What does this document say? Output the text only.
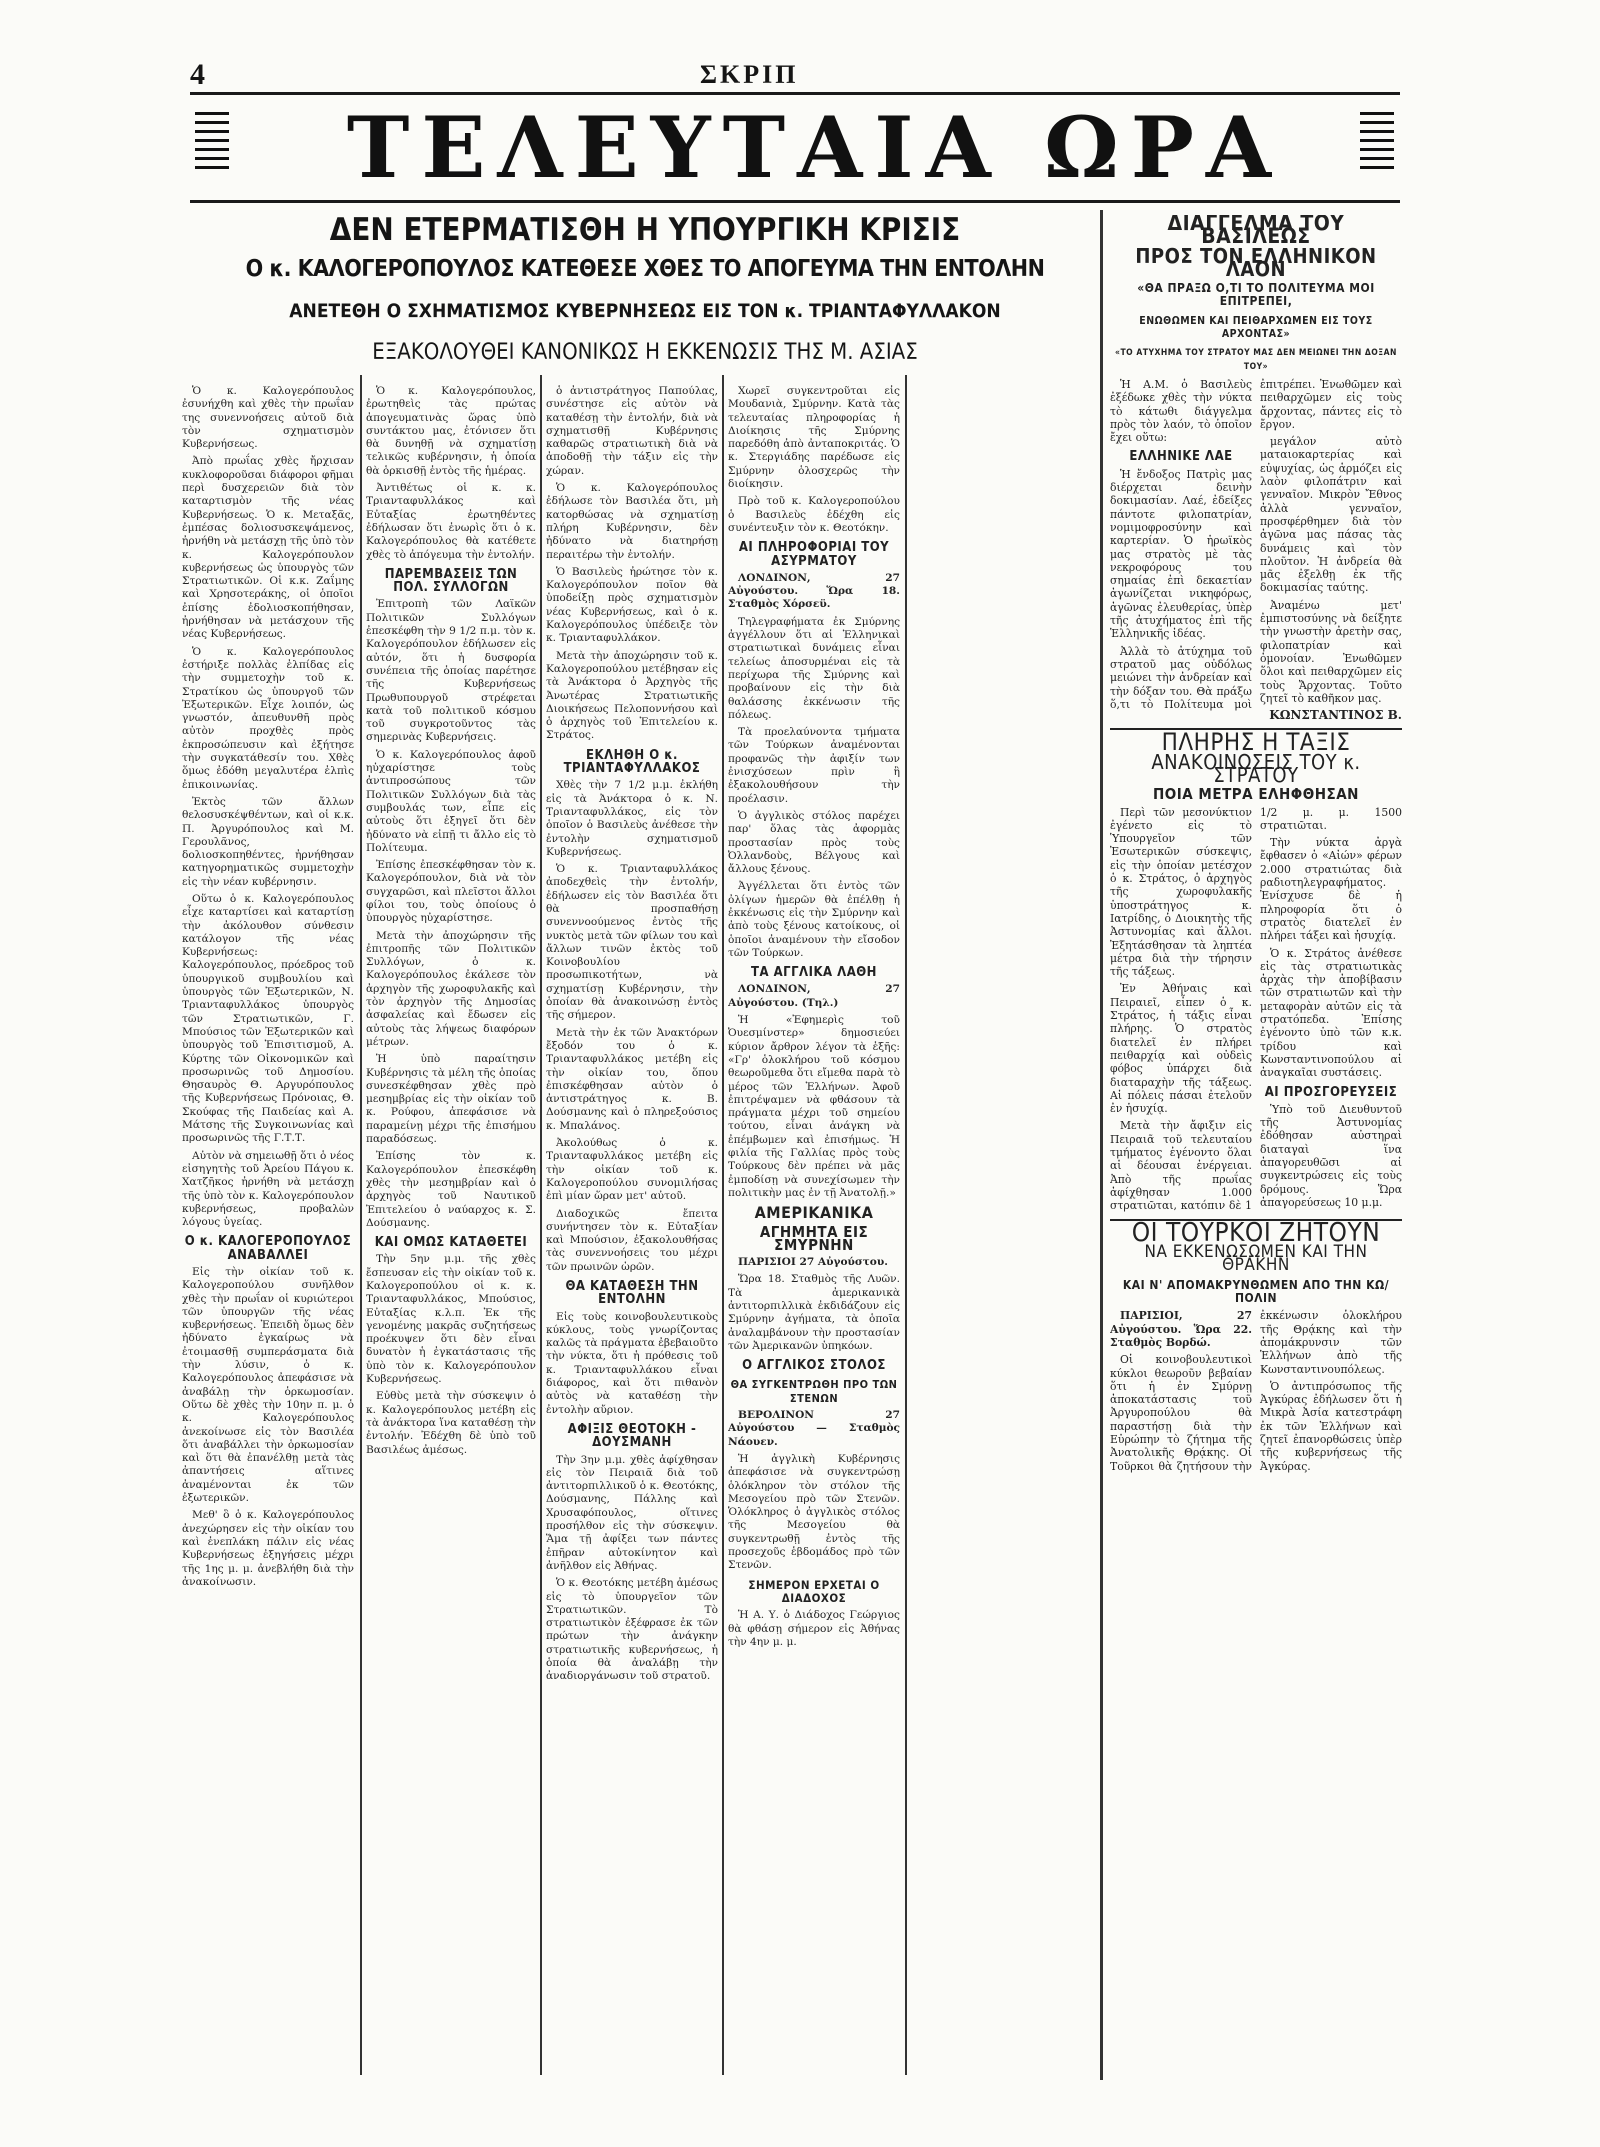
4	ΣΚΡΙΠ
ΤΕΛΕΥΤΑΙΑ ΩΡΑ
ΔΕΝ ΕΤΕΡΜΑΤΙΣΘΗ Η ΥΠΟΥΡΓΙΚΗ ΚΡΙΣΙΣ
Ο κ. ΚΑΛΟΓΕΡΟΠΟΥΛΟΣ ΚΑΤΕΘΕΣΕ ΧΘΕΣ ΤΟ ΑΠΟΓΕΥΜΑ ΤΗΝ ΕΝΤΟΛΗΝ
ΑΝΕΤΕΘΗ Ο ΣΧΗΜΑΤΙΣΜΟΣ ΚΥΒΕΡΝΗΣΕΩΣ ΕΙΣ ΤΟΝ κ. ΤΡΙΑΝΤΑΦΥΛΛΑΚΟΝ
ΕΞΑΚΟΛΟΥΘΕΙ ΚΑΝΟΝΙΚΩΣ Η ΕΚΚΕΝΩΣΙΣ ΤΗΣ Μ. ΑΣΙΑΣ

Ὁ κ. Καλογερόπουλος ἐσυνήχθη καὶ χθὲς τὴν πρωΐαν της συνεννοήσεις αὐτοῦ διὰ τὸν σχηματισμὸν Κυβερνήσεως.

Ἀπὸ πρωΐας χθὲς ἤρχισαν κυκλοφοροῦσαι διάφοροι φῆμαι περὶ δυσχερειῶν διὰ τὸν καταρτισμὸν τῆς νέας Κυβερνήσεως. Ὁ κ. Μεταξᾶς, ἐμπέσας δολιοσυσκεψάμενος, ἠρνήθη νὰ μετάσχῃ τῆς ὑπὸ τὸν κ. Καλογερόπουλον κυβερνήσεως ὡς ὑπουργὸς τῶν Στρατιωτικῶν. Οἱ κ.κ. Ζαΐμης καὶ Χρησοτεράκης, οἱ ὁποῖοι ἐπίσης ἐδολιοσκοπήθησαν, ἠρνήθησαν νὰ μετάσχουν τῆς νέας Κυβερνήσεως.

Ὁ κ. Καλογερόπουλος ἐστήριξε πολλὰς ἐλπίδας εἰς τὴν συμμετοχὴν τοῦ κ. Στρατίκου ὡς ὑπουργοῦ τῶν Ἐξωτερικῶν. Εἶχε λοιπόν, ὡς γνωστόν, ἀπευθυνθῆ πρὸς αὐτὸν προχθὲς πρὸς ἐκπροσώπευσιν καὶ ἐξήτησε τὴν συγκατάθεσίν του. Χθὲς ὅμως ἐδόθη μεγαλυτέρα ἐλπὶς ἐπικοινωνίας.

Ἐκτὸς τῶν ἄλλων θελοσυσκέψθέντων, καὶ οἱ κ.κ. Π. Ἀργυρόπουλος καὶ Μ. Γερουλᾶνος, δολιοσκοπηθέντες, ἠρνήθησαν κατηγορηματικῶς συμμετοχὴν εἰς τὴν νέαν κυβέρνησιν.

Οὕτω ὁ κ. Καλογερόπουλος εἶχε καταρτίσει καὶ καταρτίσῃ τὴν ἀκόλουθον σύνθεσιν κατάλογον τῆς νέας Κυβερνήσεως: Καλογερόπουλος, πρόεδρος τοῦ ὑπουργικοῦ συμβουλίου καὶ ὑπουργὸς τῶν Ἐξωτερικῶν, Ν. Τριανταφυλλάκος ὑπουργὸς τῶν Στρατιωτικῶν, Γ. Μπούσιος τῶν Ἐξωτερικῶν καὶ ὑπουργὸς τοῦ Ἐπισιτισμοῦ, Α. Κύρτης τῶν Οἰκονομικῶν καὶ προσωρινῶς τοῦ Δημοσίου. Θησαυρὸς Θ. Αργυρόπουλος τῆς Κυβερνήσεως Πρόνοιας, Θ. Σκούφας τῆς Παιδείας καὶ Α. Μάτσης τῆς Συγκοινωνίας καὶ προσωρινῶς τῆς Γ.Τ.Τ.

Αὐτὸν νὰ σημειωθῇ ὅτι ὁ νέος εἰσηγητὴς τοῦ Ἀρείου Πάγου κ. Χατζῆκος ἠρνήθη νὰ μετάσχῃ τῆς ὑπὸ τὸν κ. Καλογερόπουλον κυβερνήσεως, προβαλὼν λόγους ὑγείας.

Ο κ. ΚΑΛΟΓΕΡΟΠΟΥΛΟΣ ΑΝΑΒΑΛΛΕΙ

Εἰς τὴν οἰκίαν τοῦ κ. Καλογεροπούλου συνῆλθον χθὲς τὴν πρωΐαν οἱ κυριώτεροι τῶν ὑπουργῶν τῆς νέας κυβερνήσεως. Ἐπειδὴ ὅμως δὲν ἠδύνατο ἐγκαίρως νὰ ἐτοιμασθῇ συμπεράσματα διὰ τὴν λύσιν, ὁ κ. Καλογερόπουλος ἀπεφάσισε νὰ ἀναβάλῃ τὴν ὁρκωμοσίαν. Οὕτω δὲ χθὲς τὴν 10ην π. μ. ὁ κ. Καλογερόπουλος ἀνεκοίνωσε εἰς τὸν Βασιλέα ὅτι ἀναβάλλει τὴν ὁρκωμοσίαν καὶ ὅτι θὰ ἐπανέλθῃ μετὰ τὰς ἀπαντήσεις αἵτινες ἀναμένονται ἐκ τῶν ἐξωτερικῶν.

Μεθ' ὃ ὁ κ. Καλογερόπουλος ἀνεχώρησεν εἰς τὴν οἰκίαν του καὶ ἐνεπλάκη πάλιν εἰς νέας Κυβερνήσεως ἐξηγήσεις μέχρι τῆς 1ης μ. μ. ἀνεβλήθη διὰ τὴν ἀνακοίνωσιν.

Ὁ κ. Καλογερόπουλος, ἐρωτηθεὶς τὰς πρώτας ἀπογευματινὰς ὥρας ὑπὸ συντάκτου μας, ἐτόνισεν ὅτι θὰ δυνηθῇ νὰ σχηματίσῃ τελικῶς κυβέρνησιν, ἡ ὁποία θὰ ὁρκισθῇ ἐντὸς τῆς ἡμέρας.

Ἀντιθέτως οἱ κ. κ. Τριανταφυλλάκος καὶ Εὐταξίας ἐρωτηθέντες ἐδήλωσαν ὅτι ἐνωρὶς ὅτι ὁ κ. Καλογερόπουλος θὰ κατέθετε χθὲς τὸ ἀπόγευμα τὴν ἐντολήν.

ΠΑΡΕΜΒΑΣΕΙΣ ΤΩΝ ΠΟΛ. ΣΥΛΛΟΓΩΝ

Ἐπιτροπὴ τῶν Λαϊκῶν Πολιτικῶν Συλλόγων ἐπεσκέφθη τὴν 9 1/2 π.μ. τὸν κ. Καλογερόπουλον ἐδήλωσεν εἰς αὐτόν, ὅτι ἡ δυσφορία συνέπεια τῆς ὁποίας παρέτησε τῆς Κυβερνήσεως Πρωθυπουργοῦ στρέφεται κατὰ τοῦ πολιτικοῦ κόσμου τοῦ συγκροτοῦντος τὰς σημερινὰς Κυβερνήσεις.

Ὁ κ. Καλογερόπουλος ἀφοῦ ηὐχαρίστησε τοὺς ἀντιπροσώπους τῶν Πολιτικῶν Συλλόγων διὰ τὰς συμβουλάς των, εἶπε εἰς αὐτοὺς ὅτι ἐξηγεῖ ὅτι δὲν ἠδύνατο νὰ εἰπῇ τι ἄλλο εἰς τὸ Πολίτευμα.

Ἐπίσης ἐπεσκέφθησαν τὸν κ. Καλογερόπουλον, διὰ νὰ τὸν συγχαρῶσι, καὶ πλεῖστοι ἄλλοι φίλοι του, τοὺς ὁποίους ὁ ὑπουργὸς ηὐχαρίστησε.

Μετὰ τὴν ἀποχώρησιν τῆς ἐπιτροπῆς τῶν Πολιτικῶν Συλλόγων, ὁ κ. Καλογερόπουλος ἐκάλεσε τὸν ἀρχηγὸν τῆς χωροφυλακῆς καὶ τὸν ἀρχηγὸν τῆς Δημοσίας ἀσφαλείας καὶ ἔδωσεν εἰς αὐτοὺς τὰς λήψεως διαφόρων μέτρων.

Ἡ ὑπὸ παραίτησιν Κυβέρνησις τὰ μέλη τῆς ὁποίας συνεσκέφθησαν χθὲς πρὸ μεσημβρίας εἰς τὴν οἰκίαν τοῦ κ. Ρούφου, ἀπεφάσισε νὰ παραμείνῃ μέχρι τῆς ἐπισήμου παραδόσεως.

Ἐπίσης τὸν κ. Καλογερόπουλον ἐπεσκέφθη χθὲς τὴν μεσημβρίαν καὶ ὁ ἀρχηγὸς τοῦ Ναυτικοῦ Ἐπιτελείου ὁ ναύαρχος κ. Σ. Δούσμανης.

ΚΑΙ ΟΜΩΣ ΚΑΤΑΘΕΤΕΙ

Τὴν 5ην μ.μ. τῆς χθὲς ἔσπευσαν εἰς τὴν οἰκίαν τοῦ κ. Καλογεροπούλου οἱ κ. κ. Τριανταφυλλάκος, Μπούσιος, Εὐταξίας κ.λ.π. Ἐκ τῆς γενομένης μακρᾶς συζητήσεως προέκυψεν ὅτι δὲν εἶναι δυνατὸν ἡ ἐγκατάστασις τῆς ὑπὸ τὸν κ. Καλογερόπουλον Κυβερνήσεως.

Εὐθὺς μετὰ τὴν σύσκεψιν ὁ κ. Καλογερόπουλος μετέβη εἰς τὰ ἀνάκτορα ἵνα καταθέσῃ τὴν ἐντολήν. Ἐδέχθη δὲ ὑπὸ τοῦ Βασιλέως ἀμέσως.

ὁ ἀντιστράτηγος Παπούλας, συνέστησε εἰς αὐτὸν νὰ καταθέσῃ τὴν ἐντολήν, διὰ νὰ σχηματισθῇ Κυβέρνησις καθαρῶς στρατιωτικὴ διὰ νὰ ἀποδοθῇ τὴν τάξιν εἰς τὴν χώραν.

Ὁ κ. Καλογερόπουλος ἐδήλωσε τὸν Βασιλέα ὅτι, μὴ κατορθώσας νὰ σχηματίσῃ πλήρη Κυβέρνησιν, δὲν ἠδύνατο νὰ διατηρήσῃ περαιτέρω τὴν ἐντολήν.

Ὁ Βασιλεὺς ἠρώτησε τὸν κ. Καλογερόπουλον ποῖον θὰ ὑποδείξῃ πρὸς σχηματισμὸν νέας Κυβερνήσεως, καὶ ὁ κ. Καλογερόπουλος ὑπέδειξε τὸν κ. Τριανταφυλλάκον.

Μετὰ τὴν ἀποχώρησιν τοῦ κ. Καλογεροπούλου μετέβησαν εἰς τὰ Ἀνάκτορα ὁ Ἀρχηγὸς τῆς Ἀνωτέρας Στρατιωτικῆς Διοικήσεως Πελοποννήσου καὶ ὁ ἀρχηγὸς τοῦ Ἐπιτελείου κ. Στράτος.

ΕΚΛΗΘΗ Ο κ. ΤΡΙΑΝΤΑΦΥΛΛΑΚΟΣ

Χθὲς τὴν 7 1/2 μ.μ. ἐκλήθη εἰς τὰ Ἀνάκτορα ὁ κ. Ν. Τριανταφυλλάκος, εἰς τὸν ὁποῖον ὁ Βασιλεὺς ἀνέθεσε τὴν ἐντολὴν σχηματισμοῦ Κυβερνήσεως.

Ὁ κ. Τριανταφυλλάκος ἀποδεχθεὶς τὴν ἐντολήν, ἐδήλωσεν εἰς τὸν Βασιλέα ὅτι θὰ προσπαθήσῃ συνεννοούμενος ἐντὸς τῆς νυκτὸς μετὰ τῶν φίλων του καὶ ἄλλων τινῶν ἐκτὸς τοῦ Κοινοβουλίου προσωπικοτήτων, νὰ σχηματίσῃ Κυβέρνησιν, τὴν ὁποίαν θὰ ἀνακοινώσῃ ἐντὸς τῆς σήμερον.

Μετὰ τὴν ἐκ τῶν Ἀνακτόρων ἔξοδόν του ὁ κ. Τριανταφυλλάκος μετέβη εἰς τὴν οἰκίαν του, ὅπου ἐπισκέφθησαν αὐτὸν ὁ ἀντιστράτηγος κ. Β. Δούσμανης καὶ ὁ πληρεξούσιος κ. Μπαλάνος.

Ἀκολούθως ὁ κ. Τριανταφυλλάκος μετέβη εἰς τὴν οἰκίαν τοῦ κ. Καλογεροπούλου συνομιλήσας ἐπὶ μίαν ὥραν μετ' αὐτοῦ.

Διαδοχικῶς ἔπειτα συνήντησεν τὸν κ. Εὐταξίαν καὶ Μπούσιον, ἐξακολουθήσας τὰς συνεννοήσεις του μέχρι τῶν πρωινῶν ὡρῶν.

ΘΑ ΚΑΤΑΘΕΣΗ ΤΗΝ ΕΝΤΟΛΗΝ

Εἰς τοὺς κοινοβουλευτικοὺς κύκλους, τοὺς γνωρίζοντας καλῶς τὰ πράγματα ἐβεβαιοῦτο τὴν νύκτα, ὅτι ἡ πρόθεσις τοῦ κ. Τριανταφυλλάκου εἶναι διάφορος, καὶ ὅτι πιθανὸν αὐτὸς νὰ καταθέσῃ τὴν ἐντολὴν αὔριον.

ΑΦΙΞΙΣ ΘΕΟΤΟΚΗ - ΔΟΥΣΜΑΝΗ

Τὴν 3ην μ.μ. χθὲς ἀφίχθησαν εἰς τὸν Πειραιᾶ διὰ τοῦ ἀντιτορπιλλικοῦ ὁ κ. Θεοτόκης, Δούσμανης, Πάλλης καὶ Χρυσαφόπουλος, οἵτινες προσήλθον εἰς τὴν σύσκεψιν. Ἅμα τῇ ἀφίξει των πάντες ἐπῆραν αὐτοκίνητον καὶ ἀνῆλθον εἰς Ἀθήνας.

Ὁ κ. Θεοτόκης μετέβη ἀμέσως εἰς τὸ ὑπουργεῖον τῶν Στρατιωτικῶν. Τὸ στρατιωτικὸν ἐξέφρασε ἐκ τῶν πρώτων τὴν ἀνάγκην στρατιωτικῆς κυβερνήσεως, ἡ ὁποία θὰ ἀναλάβῃ τὴν ἀναδιοργάνωσιν τοῦ στρατοῦ.

Χωρεῖ συγκεντροῦται εἰς Μουδανιὰ, Σμύρνην. Κατὰ τὰς τελευταίας πληροφορίας ἡ Διοίκησις τῆς Σμύρνης παρεδόθη ἀπὸ ἀνταποκριτάς. Ὁ κ. Στεργιάδης παρέδωσε εἰς Σμύρνην ὁλοσχερῶς τὴν διοίκησιν.

Πρὸ τοῦ κ. Καλογεροπούλου ὁ Βασιλεὺς ἐδέχθη εἰς συνέντευξιν τὸν κ. Θεοτόκην.

ΑΙ ΠΛΗΡΟΦΟΡΙΑΙ ΤΟΥ ΑΣΥΡΜΑΤΟΥ

ΛΟΝΔΙΝΟΝ, 27 Αὐγούστου. Ὥρα 18. Σταθμὸς Χόρσεϋ.

Τηλεγραφήματα ἐκ Σμύρνης ἀγγέλλουν ὅτι αἱ Ἑλληνικαὶ στρατιωτικαὶ δυνάμεις εἶναι τελείως ἀποσυρμέναι εἰς τὰ περίχωρα τῆς Σμύρνης καὶ προβαίνουν εἰς τὴν διὰ θαλάσσης ἐκκένωσιν τῆς πόλεως.

Τὰ προελαύνοντα τμήματα τῶν Τούρκων ἀναμένονται προφανῶς τὴν ἀφιξίν των ἐνισχύσεων πρὶν ἢ ἐξακολουθήσουν τὴν προέλασιν.

Ὁ ἀγγλικὸς στόλος παρέχει παρ' ὅλας τὰς ἀφορμὰς προστασίαν πρὸς τοὺς Ὀλλανδοὺς, Βέλγους καὶ ἄλλους ξένους.

Ἀγγέλλεται ὅτι ἐντὸς τῶν ὀλίγων ἡμερῶν θὰ ἐπέλθῃ ἡ ἐκκένωσις εἰς τὴν Σμύρνην καὶ ἀπὸ τοὺς ξένους κατοίκους, οἱ ὁποῖοι ἀναμένουν τὴν εἴσοδον τῶν Τούρκων.

ΤΑ ΑΓΓΛΙΚΑ ΛΑΘΗ

ΛΟΝΔΙΝΟΝ, 27 Αὐγούστου. (Τηλ.)

Ἡ «Ἐφημερὶς τοῦ Ὀυεσμίνστερ» δημοσιεύει κύριον ἄρθρον λέγον τὰ ἑξῆς: «Γρ' ὁλοκλήρου τοῦ κόσμου θεωροῦμεθα ὅτι εἴμεθα παρὰ τὸ μέρος τῶν Ἑλλήνων. Ἀφοῦ ἐπιτρέψαμεν νὰ φθάσουν τὰ πράγματα μέχρι τοῦ σημείου τούτου, εἶναι ἀνάγκη νὰ ἐπέμβωμεν καὶ ἐπισήμως. Ἡ φιλία τῆς Γαλλίας πρὸς τοὺς Τούρκους δὲν πρέπει νὰ μᾶς ἐμποδίσῃ νὰ συνεχίσωμεν τὴν πολιτικὴν μας ἐν τῇ Ἀνατολῇ.»

ΑΜΕΡΙΚΑΝΙΚΑ
ΑΓΗΜΗΤΑ ΕΙΣ ΣΜΥΡΝΗΝ

ΠΑΡΙΣΙΟΙ 27 Αὐγούστου.

Ὥρα 18. Σταθμὸς τῆς Λυῶν. Τὰ ἀμερικανικὰ ἀντιτορπιλλικὰ ἐκδιδάζουν εἰς Σμύρνην ἀγήματα, τὰ ὁποῖα ἀναλαμβάνουν τὴν προστασίαν τῶν Ἀμερικανῶν ὑπηκόων.

Ο ΑΓΓΛΙΚΟΣ ΣΤΟΛΟΣ
ΘΑ ΣΥΓΚΕΝΤΡΩΘΗ ΠΡΟ ΤΩΝ ΣΤΕΝΩΝ

ΒΕΡΟΛΙΝΟΝ 27 Αὐγούστου — Σταθμὸς Νάουεν.

Ἡ ἀγγλικὴ Κυβέρνησις ἀπεφάσισε νὰ συγκεντρώσῃ ὁλόκληρον τὸν στόλον τῆς Μεσογείου πρὸ τῶν Στενῶν. Ὁλόκληρος ὁ ἀγγλικὸς στόλος τῆς Μεσογείου θὰ συγκεντρωθῇ ἐντὸς τῆς προσεχοῦς ἑβδομάδος πρὸ τῶν Στενῶν.

ΣΗΜΕΡΟΝ ΕΡΧΕΤΑΙ Ο ΔΙΑΔΟΧΟΣ

Ἡ Α. Υ. ὁ Διάδοχος Γεώργιος θὰ φθάσῃ σήμερον εἰς Ἀθήνας τὴν 4ην μ. μ.

ΔΙΑΓΓΕΛΜΑ ΤΟΥ ΒΑΣΙΛΕΩΣ
ΠΡΟΣ ΤΟΝ ΕΛΛΗΝΙΚΟΝ ΛΑΟΝ
«ΘΑ ΠΡΑΞΩ Ο,ΤΙ ΤΟ ΠΟΛΙΤΕΥΜΑ ΜΟΙ ΕΠΙΤΡΕΠΕΙ,
ΕΝΩΘΩΜΕΝ ΚΑΙ ΠΕΙΘΑΡΧΩΜΕΝ ΕΙΣ ΤΟΥΣ ΑΡΧΟΝΤΑΣ»
«ΤΟ ΑΤΥΧΗΜΑ ΤΟΥ ΣΤΡΑΤΟΥ ΜΑΣ ΔΕΝ ΜΕΙΩΝΕΙ ΤΗΝ ΔΟΞΑΝ ΤΟΥ»

Ἡ Α.Μ. ὁ Βασιλεὺς ἐξέδωκε χθὲς τὴν νύκτα τὸ κάτωθι διάγγελμα πρὸς τὸν λαόν, τὸ ὁποῖον ἔχει οὕτω:

ΕΛΛΗΝΙΚΕ ΛΑΕ

Ἡ ἔνδοξος Πατρὶς μας διέρχεται δεινὴν δοκιμασίαν. Λαέ, ἐδείξες πάντοτε φιλοπατρίαν, νομιμοφροσύνην καὶ καρτερίαν. Ὁ ἡρωϊκὸς μας στρατὸς μὲ τὰς νεκροφόρους του σημαίας ἐπὶ δεκαετίαν ἀγωνίζεται νικηφόρως, ἀγῶνας ἐλευθερίας, ὑπὲρ τῆς ἀτυχήματος ἐπὶ τῆς Ἑλληνικῆς ἰδέας.

Ἀλλὰ τὸ ἀτύχημα τοῦ στρατοῦ μας οὐδόλως μειώνει τὴν ἀνδρείαν καὶ τὴν δόξαν του. Θὰ πράξω ὅ,τι τὸ Πολίτευμα μοὶ ἐπιτρέπει. Ἐνωθῶμεν καὶ πειθαρχῶμεν εἰς τοὺς ἄρχοντας, πάντες εἰς τὸ ἔργον.

μεγάλον αὐτὸ ματαιοκαρτερίας καὶ εὐψυχίας, ὡς ἁρμόζει εἰς λαὸν φιλοπάτριν καὶ γενναῖον. Μικρὸν Ἔθνος ἀλλὰ γενναῖον, προσφέρθημεν διὰ τὸν ἀγῶνα μας πάσας τὰς δυνάμεις καὶ τὸν πλοῦτον. Ἡ ἀνδρεία θὰ μᾶς ἐξελθῃ ἐκ τῆς δοκιμασίας ταύτης.

Ἀναμένω μετ' ἐμπιστοσύνης νὰ δείξητε τὴν γνωστὴν ἀρετὴν σας, φιλοπατρίαν καὶ ὁμονοίαν. Ἐνωθῶμεν ὅλοι καὶ πειθαρχῶμεν εἰς τοὺς Ἄρχοντας. Τοῦτο ζητεῖ τὸ καθῆκον μας.

ΚΩΝΣΤΑΝΤΙΝΟΣ Β.
ΠΛΗΡΗΣ Η ΤΑΞΙΣ
ΑΝΑΚΟΙΝΩΣΕΙΣ ΤΟΥ κ. ΣΤΡΑΤΟΥ
ΠΟΙΑ ΜΕΤΡΑ ΕΛΗΦΘΗΣΑΝ

Περὶ τῶν μεσονύκτιον ἐγένετο εἰς τὸ Ὑπουργεῖον τῶν Ἐσωτερικῶν σύσκεψις, εἰς τὴν ὁποίαν μετέσχον ὁ κ. Στράτος, ὁ ἀρχηγὸς τῆς χωροφυλακῆς ὑποστράτηγος κ. Ιατρίδης, ὁ Διοικητὴς τῆς Ἀστυνομίας καὶ ἄλλοι. Ἐξητάσθησαν τὰ ληπτέα μέτρα διὰ τὴν τήρησιν τῆς τάξεως.

Ἐν Ἀθήναις καὶ Πειραιεῖ, εἶπεν ὁ κ. Στράτος, ἡ τάξις εἶναι πλήρης. Ὁ στρατὸς διατελεῖ ἐν πλήρει πειθαρχίᾳ καὶ οὐδεὶς φόβος ὑπάρχει διὰ διαταραχὴν τῆς τάξεως. Αἱ πόλεις πάσαι ἐτελοῦν ἐν ἡσυχίᾳ.

Μετὰ τὴν ἄφιξιν εἰς Πειραιᾶ τοῦ τελευταίου τμήματος ἐγένοντο ὅλαι αἱ δέουσαι ἐνέργειαι. Ἀπὸ τῆς πρωΐας ἀφίχθησαν 1.000 στρατιῶται, κατόπιν δὲ 1 1/2 μ. μ. 1500 στρατιῶται.

Τὴν νύκτα ἀργὰ ἔφθασεν ὁ «Αἰών» φέρων 2.000 στρατιώτας διὰ ραδιοτηλεγραφήματος. Ἐνίσχυσε δὲ ἡ πληροφορία ὅτι ὁ στρατὸς διατελεῖ ἐν πλήρει τάξει καὶ ἡσυχίᾳ.

Ὁ κ. Στράτος ἀνέθεσε εἰς τὰς στρατιωτικὰς ἀρχὰς τὴν ἀποβίβασιν τῶν στρατιωτῶν καὶ τὴν μεταφορὰν αὐτῶν εἰς τὰ στρατόπεδα. Ἐπίσης ἐγένοντο ὑπὸ τῶν κ.κ. τρίδου καὶ Κωνσταντινοπούλου αἱ ἀναγκαῖαι συστάσεις.

ΑΙ ΠΡΟΣΓΟΡΕΥΣΕΙΣ

Ὑπὸ τοῦ Διευθυντοῦ τῆς Ἀστυνομίας ἐδόθησαν αὐστηραὶ διαταγαὶ ἵνα ἀπαγορευθῶσι αἱ συγκεντρώσεις εἰς τοὺς δρόμους. Ὥρα ἀπαγορεύσεως 10 μ.μ.

ΟΙ ΤΟΥΡΚΟΙ ΖΗΤΟΥΝ
ΝΑ ΕΚΚΕΝΩΣΩΜΕΝ ΚΑΙ ΤΗΝ ΘΡΑΚΗΝ
ΚΑΙ Ν' ΑΠΟΜΑΚΡΥΝΘΩΜΕΝ ΑΠΟ ΤΗΝ ΚΩ/ΠΟΛΙΝ

ΠΑΡΙΣΙΟΙ, 27 Αὐγούστου. Ὥρα 22. Σταθμὸς Βορδώ.

Οἱ κοινοβουλευτικοὶ κύκλοι θεωροῦν βεβαίαν ὅτι ἡ ἐν Σμύρνῃ ἀποκατάστασις τοῦ Ἀργυροπούλου θὰ παραστήσῃ διὰ τὴν Εὐρώπην τὸ ζήτημα τῆς Ἀνατολικῆς Θρᾴκης. Οἱ Τοῦρκοι θὰ ζητήσουν τὴν ἐκκένωσιν ὁλοκλήρου τῆς Θρᾴκης καὶ τὴν ἀπομάκρυνσιν τῶν Ἑλλήνων ἀπὸ τῆς Κωνσταντινουπόλεως.

Ὁ ἀντιπρόσωπος τῆς Ἀγκύρας ἐδήλωσεν ὅτι ἡ Μικρὰ Ἀσία κατεστράφη ἐκ τῶν Ἑλλήνων καὶ ζητεῖ ἐπανορθώσεις ὑπὲρ τῆς κυβερνήσεως τῆς Ἀγκύρας.
